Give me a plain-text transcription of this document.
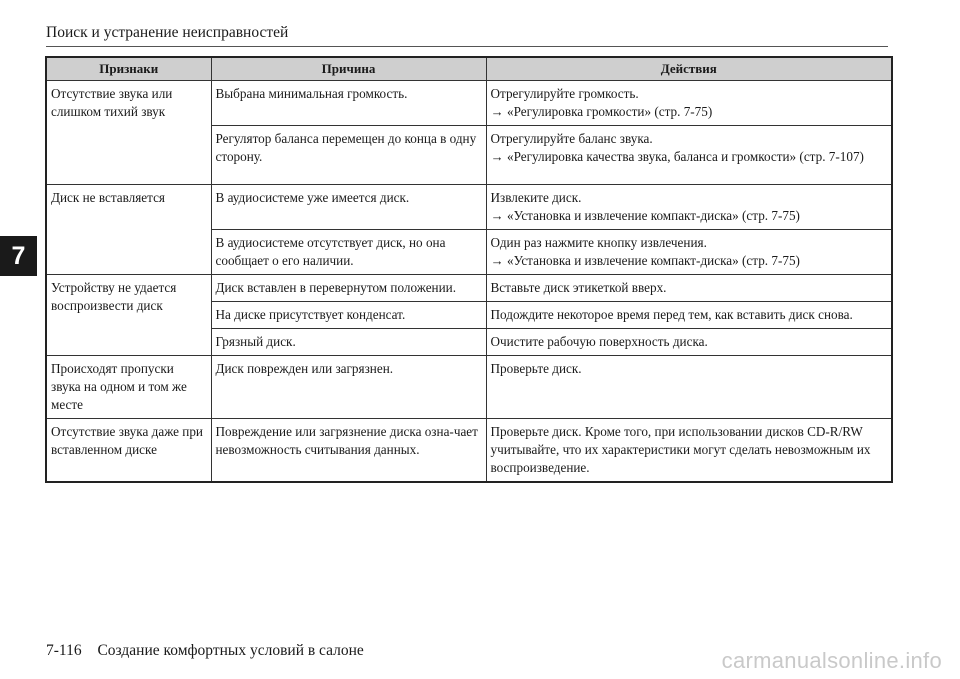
Поиск и устранение неисправностей
7
Признаки	Причина	Действия
Отсутствие звука или слишком тихий звук	Выбрана минимальная громкость.	Отрегулируйте громкость.
→ «Регулировка громкости» (стр. 7-75)

	Регулятор баланса перемещен до конца в одну сторону.	Отрегулируйте баланс звука.
→ «Регулировка качества звука, баланса и громкости» (стр. 7-107)

Диск не вставляется	В аудиосистеме уже имеется диск.	Извлеките диск.
→ «Установка и извлечение компакт-диска» (стр. 7-75)

	В аудиосистеме отсутствует диск, но она сообщает о его наличии.	Один раз нажмите кнопку извлечения.
→ «Установка и извлечение компакт-диска» (стр. 7-75)

Устройству не удается воспроизвести диск	Диск вставлен в перевернутом положении.	Вставьте диск этикеткой вверх.

	На диске присутствует конденсат.	Подождите некоторое время перед тем, как вставить диск снова.

	Грязный диск.	Очистите рабочую поверхность диска.

Происходят пропуски звука на одном и том же месте	Диск поврежден или загрязнен.	Проверьте диск.

Отсутствие звука даже при вставленном диске	Повреждение или загрязнение диска озна-чает невозможность считывания данных.	Проверьте диск. Кроме того, при использовании дисков CD-R/RW учитывайте, что их характеристики могут сделать невозможным их воспроизведение.
7-116 Создание комфортных условий в салоне	carmanualsonline.info
